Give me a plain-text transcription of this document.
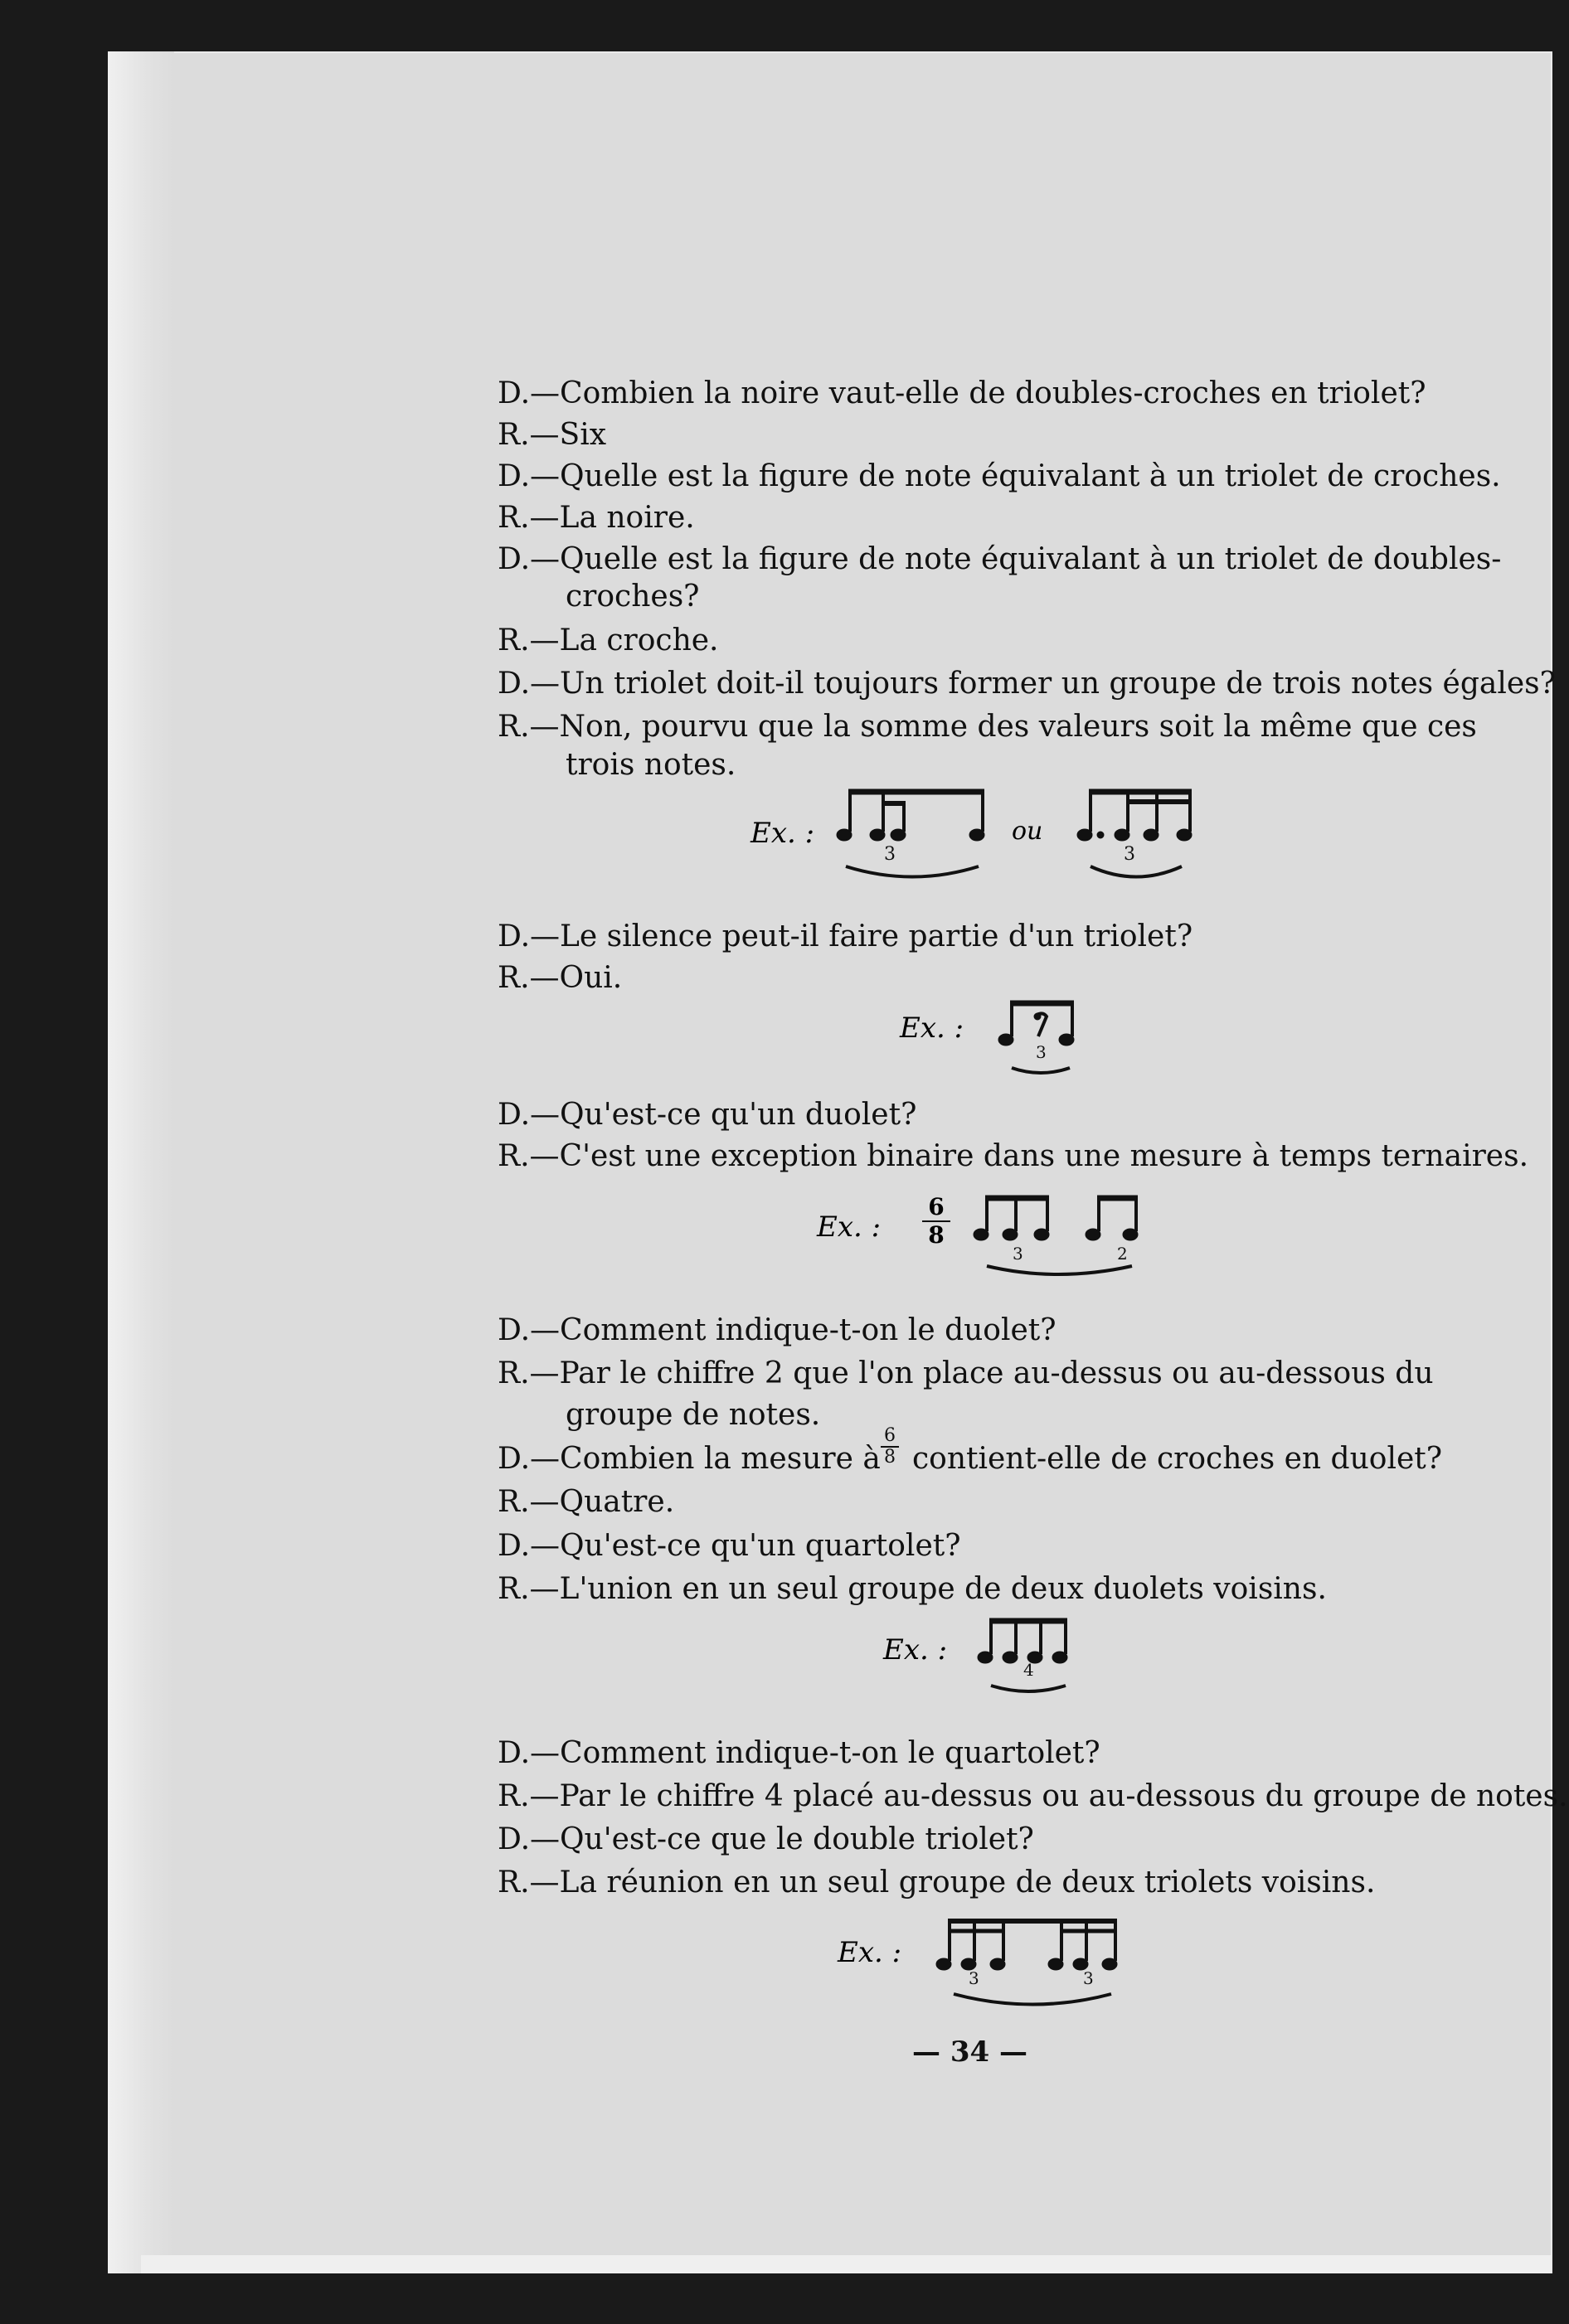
D.—Combien la noire vaut-elle de doubles-croches en triolet?
R.—Six
D.—Quelle est la figure de note équivalant à un triolet de croches.
R.—La noire.
D.—Quelle est la figure de note équivalant à un triolet de doubles-
croches?
R.—La croche.
D.—Un triolet doit-il toujours former un groupe de trois notes égales?
R.—Non, pourvu que la somme des valeurs soit la même que ces
trois notes.
D.—Le silence peut-il faire partie d'un triolet?
R.—Oui.
D.—Qu'est-ce qu'un duolet?
R.—C'est une exception binaire dans une mesure à temps ternaires.
D.—Comment indique-t-on le duolet?
R.—Par le chiffre 2 que l'on place au-dessus ou au-dessous du
groupe de notes.
D.—Combien la mesure à $\frac{6}{8}$ contient-elle de croches en duolet?
R.—Quatre.
D.—Qu'est-ce qu'un quartolet?
R.—L'union en un seul groupe de deux duolets voisins.
D.—Comment indique-t-on le quartolet?
R.—Par le chiffre 4 placé au-dessus ou au-dessous du groupe de notes.
D.—Qu'est-ce que le double triolet?
R.—La réunion en un seul groupe de deux triolets voisins.
Ex. :
3
ou
3
Ex. :
3
Ex. : $\frac{6}{8}$
3	2
Ex. :
4
Ex. :
3	3
— 34 —
